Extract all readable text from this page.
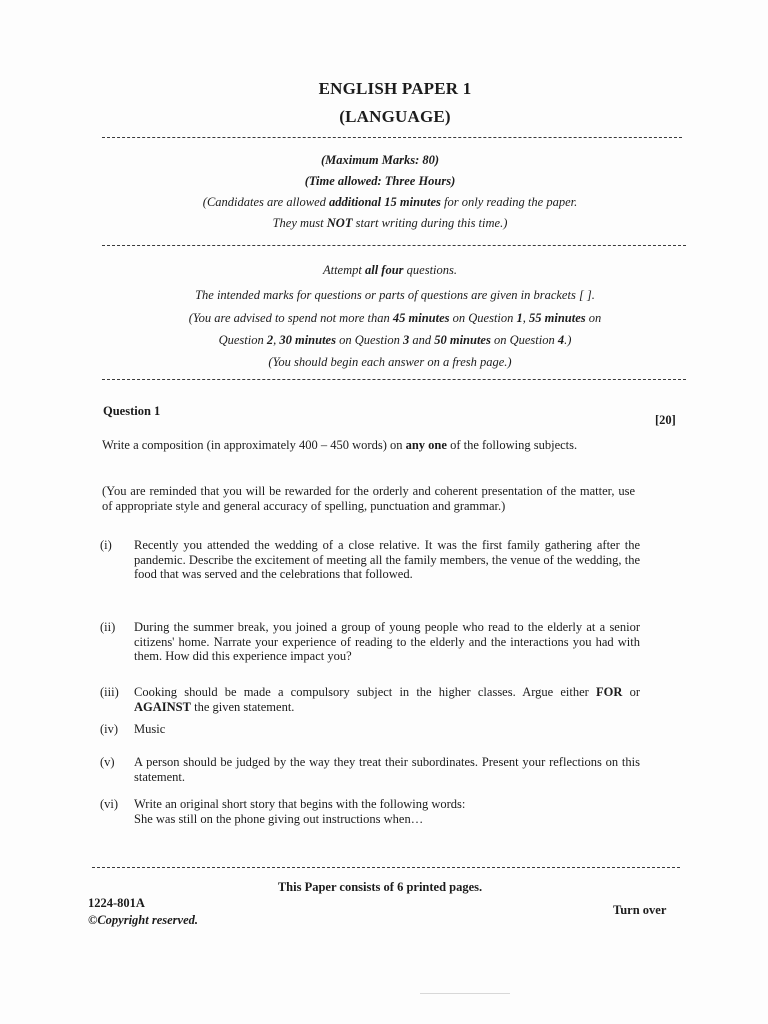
ENGLISH PAPER 1
(LANGUAGE)
(Maximum Marks: 80)
(Time allowed: Three Hours)
(Candidates are allowed additional 15 minutes for only reading the paper.
They must NOT start writing during this time.)
Attempt all four questions.
The intended marks for questions or parts of questions are given in brackets [ ].
(You are advised to spend not more than 45 minutes on Question 1, 55 minutes on
Question 2, 30 minutes on Question 3 and 50 minutes on Question 4.)
(You should begin each answer on a fresh page.)
Question 1
[20]
Write a composition (in approximately 400 – 450 words) on any one of the following subjects.
(You are reminded that you will be rewarded for the orderly and coherent presentation of the matter, use of appropriate style and general accuracy of spelling, punctuation and grammar.)
(i) Recently you attended the wedding of a close relative. It was the first family gathering after the pandemic. Describe the excitement of meeting all the family members, the venue of the wedding, the food that was served and the celebrations that followed.
(ii) During the summer break, you joined a group of young people who read to the elderly at a senior citizens' home. Narrate your experience of reading to the elderly and the interactions you had with them. How did this experience impact you?
(iii) Cooking should be made a compulsory subject in the higher classes. Argue either FOR or AGAINST the given statement.
(iv) Music
(v) A person should be judged by the way they treat their subordinates. Present your reflections on this statement.
(vi) Write an original short story that begins with the following words:
She was still on the phone giving out instructions when…
This Paper consists of 6 printed pages.
1224-801A
©Copyright reserved.
Turn over
